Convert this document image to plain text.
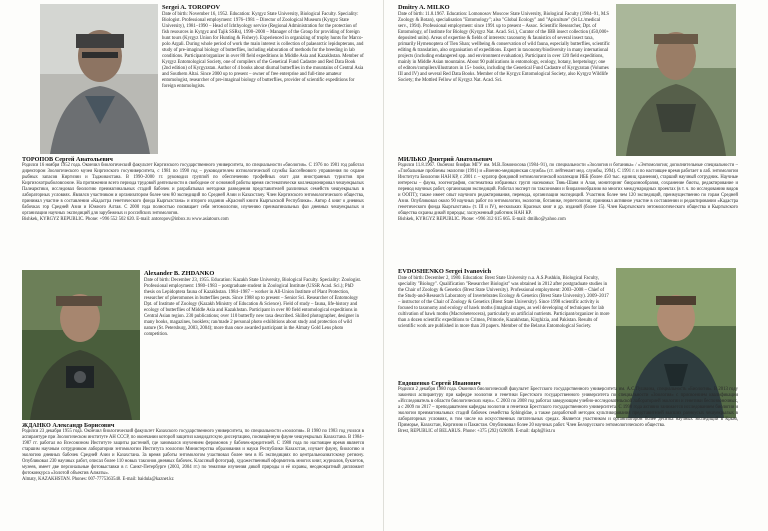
Sergei A. TOROPOV

Date of birth: November 16, 1952. Education: Kyrgyz State University, Biological Faculty. Speciality: Biologist. Professional employment: 1976–1981 – Director of Zoological Museum (Kyrgyz State University), 1981–1990 – Head of Ichthyology service (Regional Administration for the protection of fish resources in Kyrgyz and Tajik SSRs), 1990–2000 – Manager of the Group for providing of foreign hunt tours (Kyrgyz Union for Hunting & Fishery). Experienced in organizing of trophy hunts for Marco-polo Argali. During whole period of work the main interest is collection of palaearctic lepidopterans, and study of pre-imaginal biology of butterflies, including elaboration of methods for the breeding in lab conditions. Participant/organizer in over 80 field expeditions in Middle Asia and Kazakhstan. Member of Kyrgyz Entomological Society, one of compilers of the Genetical Fund Cadastre and Red Data Book (2nd edition) of Kyrgyzstan. Author of 4 books about diurnal butterflies in the mountains of Central Asia and Southern Altai. Since 2000 up to present – owner of free enterprise and full-time amateur entomologist, researcher of pre-imaginal biology of butterflies, provider of scientific expeditions for foreign entomologists.

ТОРОПОВ Сергей Анатольевич

Родился 16 ноября 1952 года. Окончил биологический факультет Киргизского государственного университета, по специальности «биология». С 1976 по 1981 год работал директором Зоологического музея Киргизского госуниверситета, с 1981 по 1990 год – руководителем ихтиологической службы Бассейнового управления по охране рыбных запасов Киргизии и Таджикистана. В 1990–2000 гг. руководил группой по обеспечению трофейных охот для иностранных туристов при Киргизохотрыболовсоюзе. На протяжении всего периода трудовой деятельности в свободное от основной работы время систематически коллекционировал чешуекрылых Палеарктики, исследовал биологию преимагинальных стадий бабочек и разрабатывал методики разведения представителей различных семейств чешуекрылых в лабораторных условиях. Являлся участником и организатором более чем 80 экспедиций по Средней Азии и Казахстану. Член Киргизского энтомологического общества, принимал участие в составлении «Кадастра генетического фонда Кыргызстана» и второго издания «Красной книги Кыргызской Республики». Автор 4 книг о дневных бабочках гор Средней Азии и Южного Алтая. С 2000 года полностью посвящает себя энтомологии, изучению преимагинальных фаз дневных чешуекрылых и организации научных экспедиций для зарубежных и российских энтомологов.

Bishkek, KYRGYZ REPUBLIC. Phone: +996 552 502 620. E-mail: antoropov@inbox.ru www.asiatours.com

Alexander B. ZHDANKO

Date of birth: December 23, 1955. Education: Kazakh State University, Biological Faculty. Speciality: Zoologist. Professional employment: 1980–1983 – postgraduate student in Zoological Institute (USSR Acad. Sci.); PhD thesis on Lepidoptera fauna of Kazakhstan. 1984–1987 – worker in All-Union Institute of Plant Protection, researcher of pheromones in butterflies pests. Since 1988 up to present – Senior Sci. Researcher of Entomology Dpt. of Institute of Zoology (Kazakh Ministry of Education & Science). Field of study – fauna, life-history and ecology of butterflies of Middle Asia and Kazakhstan. Participant in over 80 field entomological expeditions in Central Asian region. 230 publications; over 110 butterfly new taxa described. Skilled photographer, designer in many books, magazines, booklets; ran/made 2 personal photo exhibitions about study and protection of wild nature (St. Petersburg, 2003, 2004); more than once awarded participant in the Almaty Gold Lens photo competition.

ЖДАНКО Александр Борисович

Родился 23 декабря 1955 года. Окончил биологический факультет Казахского государственного университета, по специальности «зоология». В 1980 по 1983 год учился в аспирантуре при Зоологическом институте АН СССР, по окончании которой защитил кандидатскую диссертацию, посвящённую фауне чешуекрылых Казахстана. В 1984–1987 гг. работал во Всесоюзном Институте защиты растений, где занимался изучением феромонов у бабочек-вредителей. С 1988 года по настоящее время является старшим научным сотрудником лаборатории энтомологии Института зоологии Министерства образования и науки Республики Казахстан, изучает фауну, биологию и экологию дневных бабочек Средней Азии и Казахстана. За время работы энтомологом участвовал более чем в 85 экспедициях по центральноазиатскому региону. Опубликовал 230 научных работ, описал более 110 новых таксонов дневных бабочек. Классный фотограф, художественный оформитель многих книг, журналов, буклетов, музеев, имеет две персональные фотовыставки в г. Санкт-Петербурге (2003, 2004 гг.) по тематике изучения дикой природы и её охраны, неоднократный дипломант фотоконкурса «Золотой объектив Алматы».

Almaty, KAZAKHSTAN. Phones: 007-7775363548. E-mail: baidula@kaznet.kz

Dmitry A. MILKO

Date of birth: 11.8.1967. Education: Lomonosov Moscow State University, Biological Faculty (1984–91, M.S Zoology & Botan), specialisation "Entomology"; also "Global Ecology" and "Apiculture" (St Lt./medical serv., 1994). Professional employment: since 1991 up to present – Assoc. Scientific Researcher, Dpt. of Entomology, of Institute for Biology (Kyrgyz Nat. Acad. Sci.), Curator of the IBB insect collection (450,000+ deposited units). Areas of expertise & fields of interests: taxonomy & faunistics of several insect taxa, primarily Hymenoptera of Tien Shan; wellbeing & conservation of wild fauna, especially butterflies, scientific editing & translation, also organisation of expeditions. Expert in taxonomy/biodiversity in many international projects (including endangered spp. and environment evaluation). Participant in over 120 field expeditions, mainly in Middle Asian mountains. About 90 publications in entomology, ecology, botany, herpetology; one of editors/compilers/illustrators in 15+ books, including the Genetical Fund Cadastre of Kyrgyzstan (Volumes III and IV) and several Red Data Books. Member of the Kyrgyz Entomological Society, also Kyrgyz Wildlife Society; the Mottled Fellow of Kyrgyz Nat. Acad. Sci.

МИЛЬКО Дмитрий Анатольевич

Родился 11.8.1967. Окончил биофак МГУ им. М.В.Ломоносова (1984–91), по специальности «Зоология и ботаника» / «Энтомология; дополнительные специальности – «Глобальные проблемы экологии (1991) и «Военно-медицинская служба» (ст. лейтенант мед. службы, 1994). С 1991 г. и по настоящее время работает в лаб. энтомологии Института Биологии НАН КР, с 2001 г. – куратор фондовой энтомологической коллекции ИББ (более 450 тыс. единиц хранения), старший научный сотрудник. Научные интересы – фауна, зоогеография, систематика избранных групп насекомых Тянь-Шаня и Алая, мониторинг биоразнообразия, сохранение биоты, редактирование и перевод научных работ, организация экспедиций. Работал эксперт по таксономии и биоразнообразию во многих международных проектах (в т. ч. по исследованию видов и ООПТ); также имеет опыт научного редактирования, перевода, организации экспедиций. Участник более чем 120 экспедиций, преимущественно по горам Средней Азии. Опубликовал около 90 научных работ по энтомологии, экологии, ботанике, герпетологии; принимал активное участие в составлении и редактировании «Кадастра генетического фонда Кыргызстана» (т. III и IV), нескольких Красных книг и др. изданий (более 15). Член Кыргызского энтомологического общества и Кыргызского общества охраны дикой природы; заслуженный работник НАН КР.

Bishkek, KYRGYZ REPUBLIC. Phone: +996 312 615 665. E-mail: dmilko@yahoo.com

EVDOSHENKO Sergei Ivanovich

Date of birth: December 2, 1980. Education: Brest State University n.a. A.S.Pushkin, Biological Faculty, speciality "Biology". Qualification "Researcher Biologist" was obtained in 2012 after postgraduate studies in the Chair of Zoology & Genetics (Brest State University). Professional employment: 2003–2008 – Chief of the Study-and-Research Laboratory of Invertebrates Ecology & Genetics (Brest State University). 2009–2017 – instructor of the Chair of Zoology & Genetics (Brest State University). Since 1998 scientific activity is focused to taxonomy and ecology of hawk moths (imaginal stages, as well developing of techniques for lab cultivation of hawk moths (Macroheterocera), particularly on artificial nutrients. Participant/organizer in more than a dozen scientific expeditions to Crimea, Primorie, Kazakhstan, Kirghizia, and Pakistan. Results of scientific work are published in more than 20 papers. Member of the Belarus Entomological Society.

Евдошенко Сергей Иванович

Родился 2 декабря 1980 года. Окончил биологический факультет Брестского государственного университета им. А.С.Пушкина, специальность «Биология». В 2013 году закончил аспирантуру при кафедре зоологии и генетики Брестского государственного университета по специальности «Зоология» с присвоением квалификации «Исследователь в области биологических наук». С 2003 по 2008 год работал заведующим учебно-исследовательской лабораторией экологии и генетики беспозвоночных, а с 2009 по 2017 – преподавателем кафедры зоологии и генетики Брестского государственного университета. С 1998 года активно занимается исследованием биологии и экологии преимагинальных стадий бабочек семейства Sphingidae, а также разработкой методик культивирования представителей высших разноусых чешуекрылых в лабораторных условиях, в том числе на искусственных питательных средах. Является участником и организатором более десятка научных экспедиций в Крым, Приморье, Казахстан, Киргизию и Пакистан. Опубликовал более 20 научных работ. Член Белорусского энтомологического общества.

Brest, REPUBLIC of BELARUS. Phone: +375 (292) 020699. E-mail: daph@list.ru
